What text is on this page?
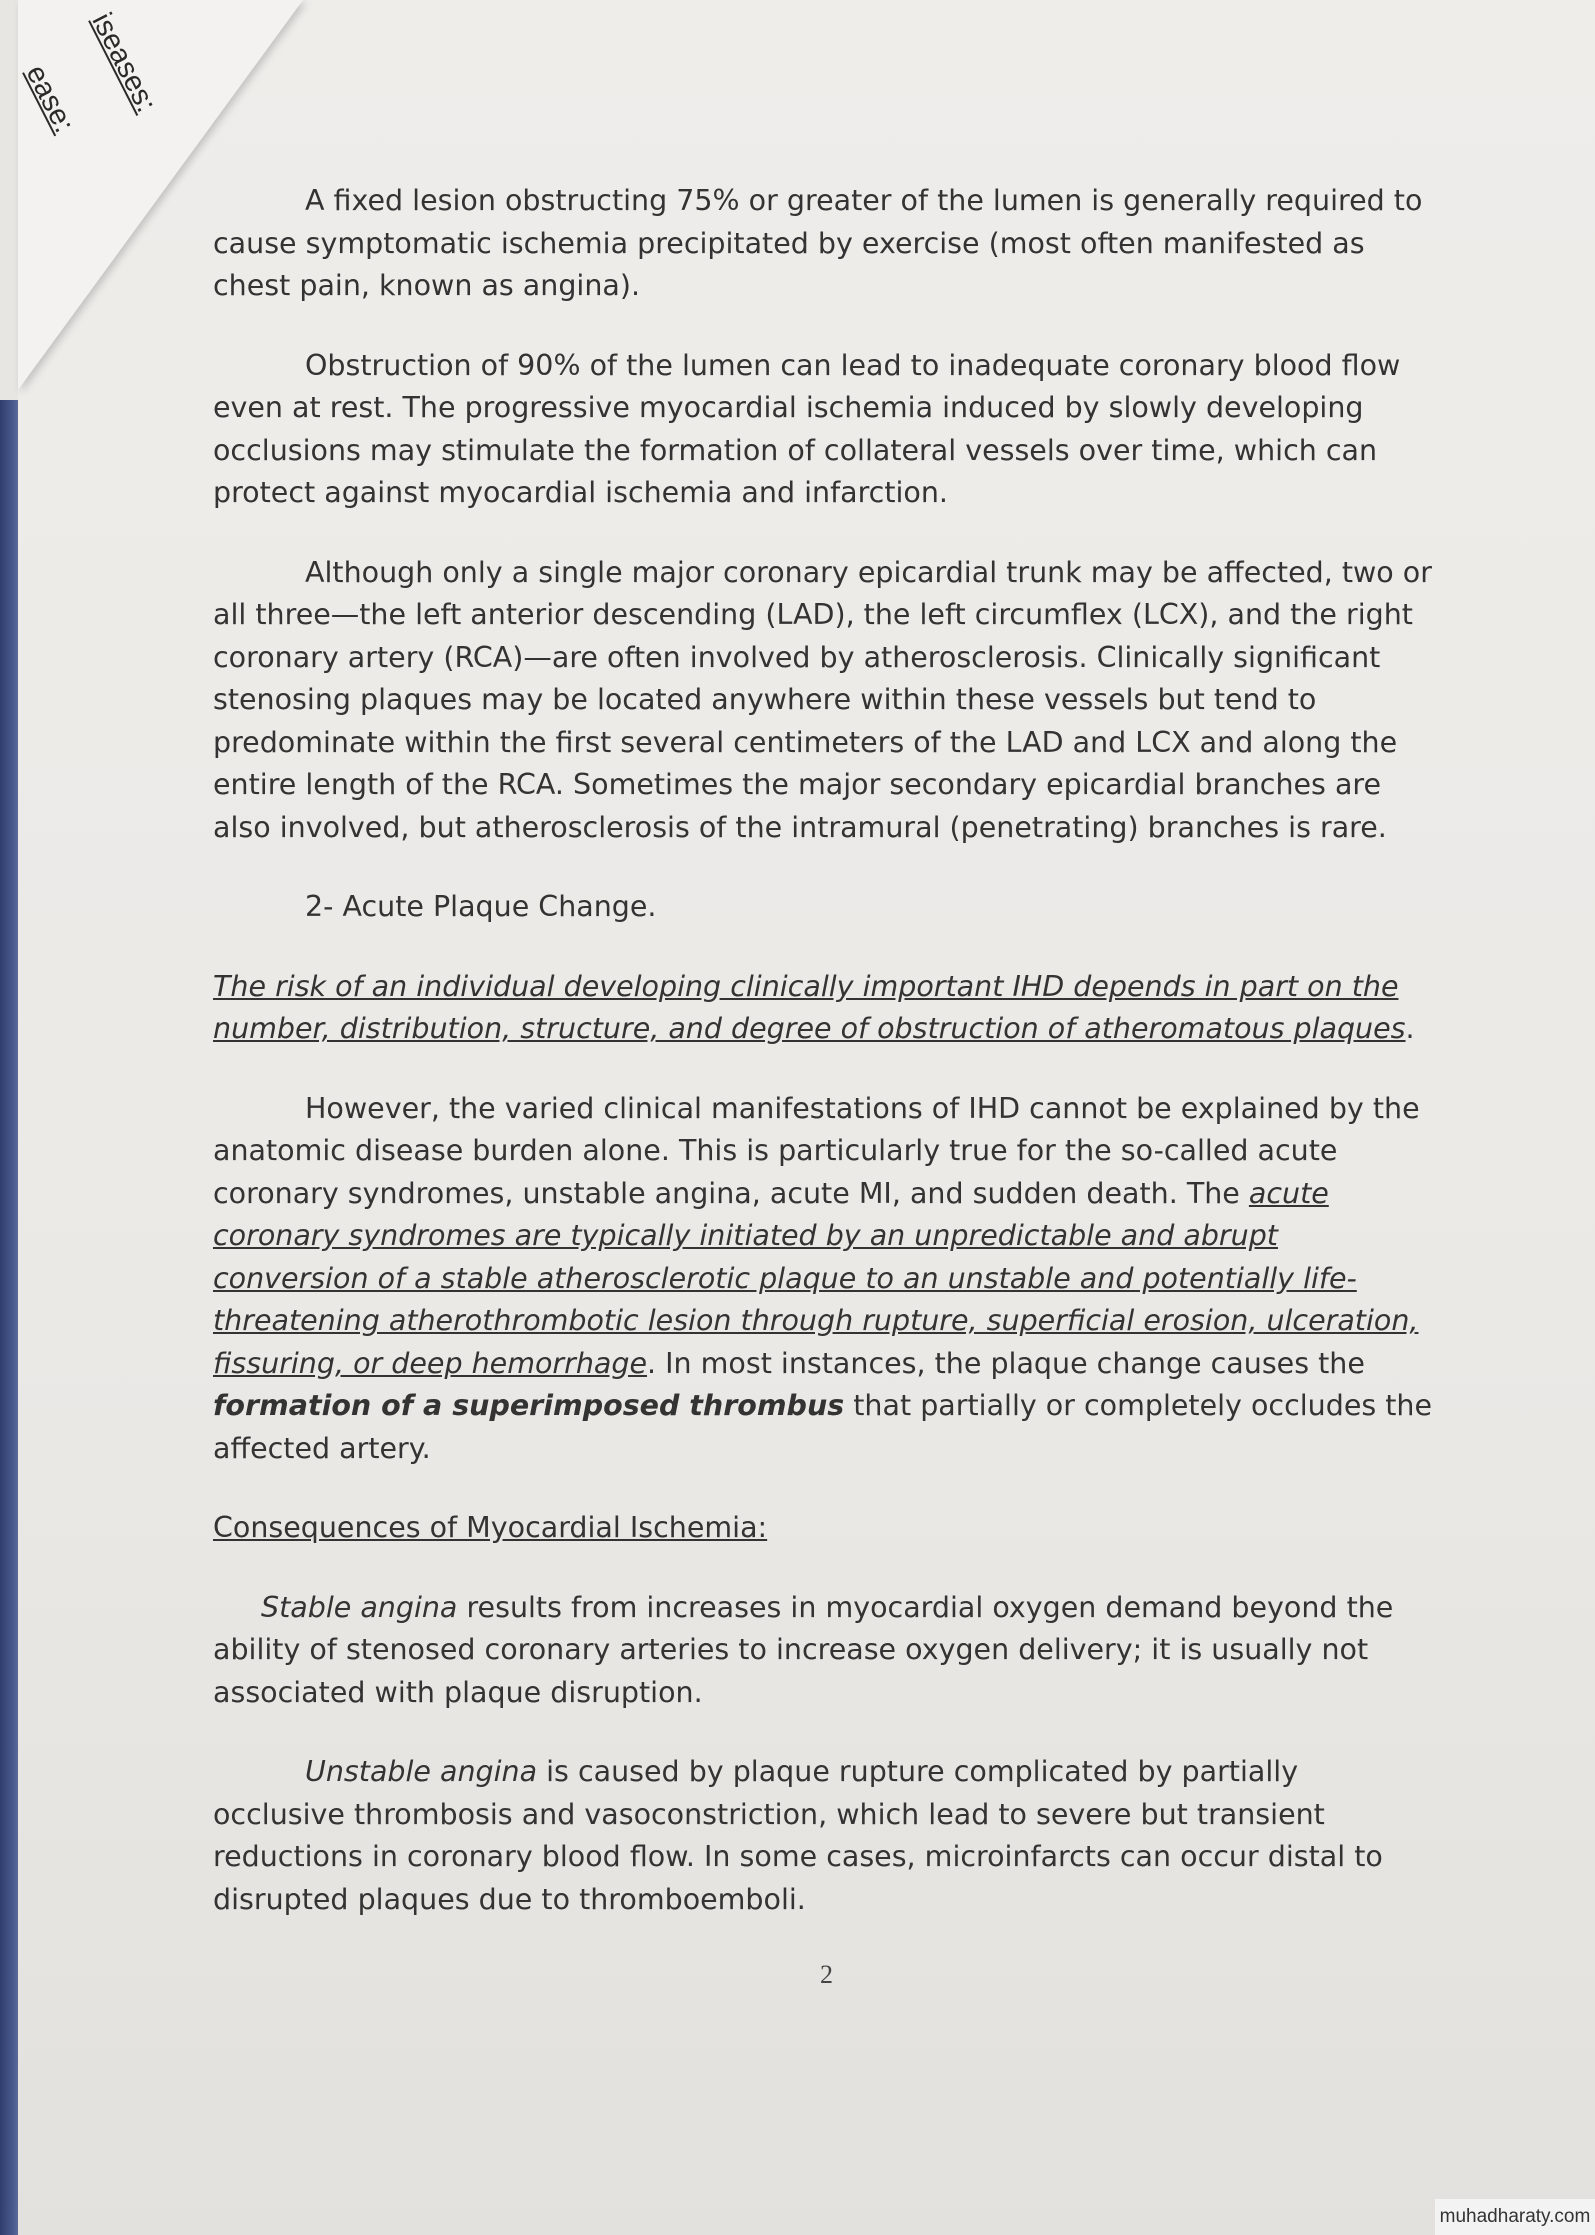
iseases:
ease:

A fixed lesion obstructing 75% or greater of the lumen is generally required to cause symptomatic ischemia precipitated by exercise (most often manifested as chest pain, known as angina).

Obstruction of 90% of the lumen can lead to inadequate coronary blood flow even at rest. The progressive myocardial ischemia induced by slowly developing occlusions may stimulate the formation of collateral vessels over time, which can protect against myocardial ischemia and infarction.

Although only a single major coronary epicardial trunk may be affected, two or all three—the left anterior descending (LAD), the left circumflex (LCX), and the right coronary artery (RCA)—are often involved by atherosclerosis. Clinically significant stenosing plaques may be located anywhere within these vessels but tend to predominate within the first several centimeters of the LAD and LCX and along the entire length of the RCA. Sometimes the major secondary epicardial branches are also involved, but atherosclerosis of the intramural (penetrating) branches is rare.

2- Acute Plaque Change.

The risk of an individual developing clinically important IHD depends in part on the number, distribution, structure, and degree of obstruction of atheromatous plaques.

However, the varied clinical manifestations of IHD cannot be explained by the anatomic disease burden alone. This is particularly true for the so-called acute coronary syndromes, unstable angina, acute MI, and sudden death. The acute coronary syndromes are typically initiated by an unpredictable and abrupt conversion of a stable atherosclerotic plaque to an unstable and potentially life-threatening atherothrombotic lesion through rupture, superficial erosion, ulceration, fissuring, or deep hemorrhage. In most instances, the plaque change causes the formation of a superimposed thrombus that partially or completely occludes the affected artery.

Consequences of Myocardial Ischemia:

Stable angina results from increases in myocardial oxygen demand beyond the ability of stenosed coronary arteries to increase oxygen delivery; it is usually not associated with plaque disruption.

Unstable angina is caused by plaque rupture complicated by partially occlusive thrombosis and vasoconstriction, which lead to severe but transient reductions in coronary blood flow. In some cases, microinfarcts can occur distal to disrupted plaques due to thromboemboli.

2
muhadharaty.com
